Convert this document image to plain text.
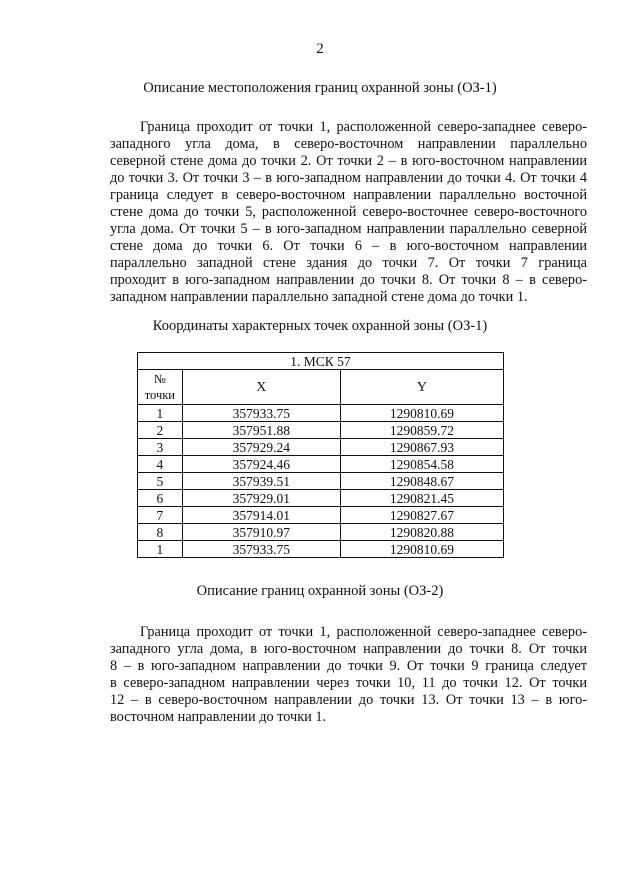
2
Описание местоположения границ охранной зоны (ОЗ-1)
Граница проходит от точки 1, расположенной северо-западнее северо-
западного угла дома, в северо-восточном направлении параллельно
северной стене дома до точки 2. От точки 2 – в юго-восточном направлении
до точки 3. От точки 3 – в юго-западном направлении до точки 4. От точки 4
граница следует в северо-восточном направлении параллельно восточной
стене дома до точки 5, расположенной северо-восточнее северо-восточного
угла дома. От точки 5 – в юго-западном направлении параллельно северной
стене дома до точки 6. От точки 6 – в юго-восточном направлении
параллельно западной стене здания до точки 7. От точки 7 граница
проходит в юго-западном направлении до точки 8. От точки 8 – в северо-
западном направлении параллельно западной стене дома до точки 1.
Координаты характерных точек охранной зоны (ОЗ-1)
1. МСК 57		

№
точки	X	Y
1	357933.75	1290810.69
2	357951.88	1290859.72
3	357929.24	1290867.93
4	357924.46	1290854.58
5	357939.51	1290848.67
6	357929.01	1290821.45
7	357914.01	1290827.67
8	357910.97	1290820.88
1	357933.75	1290810.69
Описание границ охранной зоны (ОЗ-2)
Граница проходит от точки 1, расположенной северо-западнее северо-
западного угла дома, в юго-восточном направлении до точки 8. От точки
8 – в юго-западном направлении до точки 9. От точки 9 граница следует
в северо-западном направлении через точки 10, 11 до точки 12. От точки
12 – в северо-восточном направлении до точки 13. От точки 13 – в юго-
восточном направлении до точки 1.
